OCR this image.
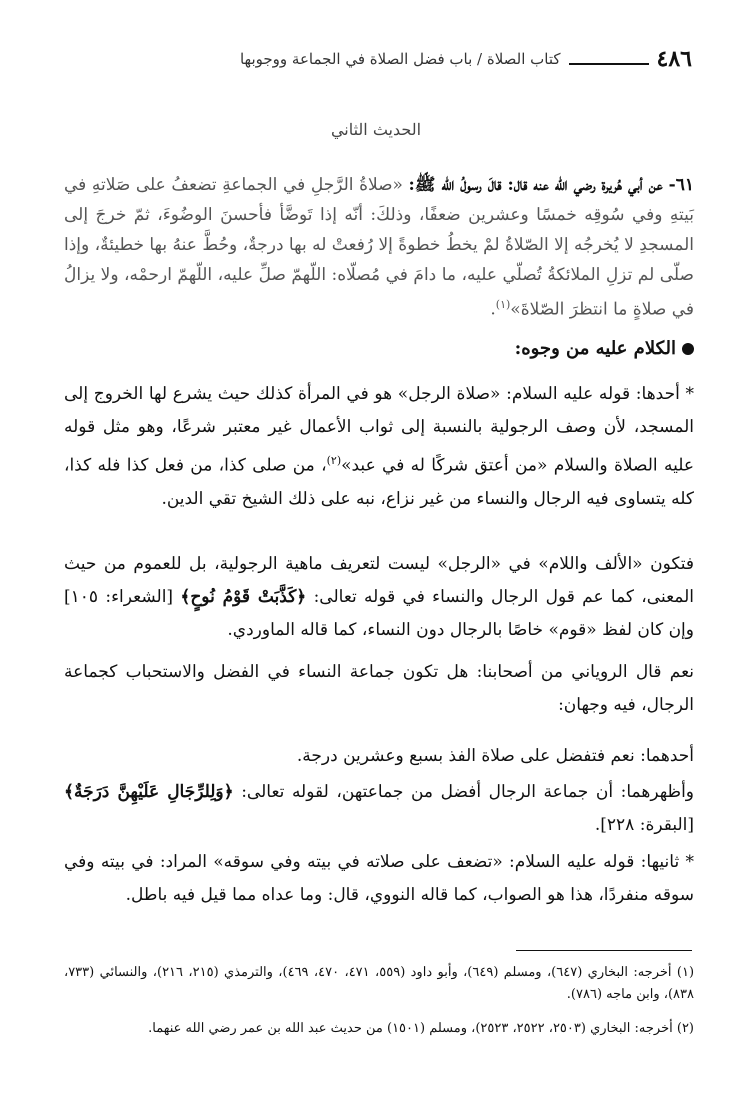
٤٨٦
كتاب الصلاة / باب فضل الصلاة في الجماعة ووجوبها
الحديث الثاني
٦١- عن أبي هُريرة رضي الله عنه قال: قالَ رسولُ الله ﷺ: «صلاةُ الرَّجلِ في الجماعةِ تضعفُ على صَلاتهِ في بَيتهِ وفي سُوقِه خمسًا وعشرين ضعفًا، وذلكَ: أنّه إذا تَوضَّأ فأحسنَ الوضُوءَ، ثمّ خرجَ إلى المسجدِ لا يُخرجُه إلا الصّلاةُ لمْ يخطُ خطوةً إلا رُفعتْ له بها درجةٌ، وحُطَّ عنهُ بها خطيئةٌ، وإذا صلّى لم تزلِ الملائكةُ تُصلّي عليه، ما دامَ في مُصلّاه: اللّهمّ صلِّ عليه، اللّهمّ ارحمْه، ولا يزالُ في صلاةٍ ما انتظرَ الصّلاةَ»$^{(١)}$.
الكلام عليه من وجوه:
* أحدها: قوله عليه السلام: «صلاة الرجل» هو في المرأة كذلك حيث يشرع لها الخروج إلى المسجد، لأن وصف الرجولية بالنسبة إلى ثواب الأعمال غير معتبر شرعًا، وهو مثل قوله عليه الصلاة والسلام «من أعتق شركًا له في عبد»$^{(٢)}$، من صلى كذا، من فعل كذا فله كذا، كله يتساوى فيه الرجال والنساء من غير نزاع، نبه على ذلك الشيخ تقي الدين.
فتكون «الألف واللام» في «الرجل» ليست لتعريف ماهية الرجولية، بل للعموم من حيث المعنى، كما عم قول الرجال والنساء في قوله تعالى: ﴿كَذَّبَتْ قَوْمُ نُوحٍ﴾ [الشعراء: ١٠٥] وإن كان لفظ «قوم» خاصًا بالرجال دون النساء، كما قاله الماوردي.
نعم قال الروياني من أصحابنا: هل تكون جماعة النساء في الفضل والاستحباب كجماعة الرجال، فيه وجهان:
أحدهما: نعم فتفضل على صلاة الفذ بسبع وعشرين درجة.
وأظهرهما: أن جماعة الرجال أفضل من جماعتهن، لقوله تعالى: ﴿وَلِلرِّجَالِ عَلَيْهِنَّ دَرَجَةٌ﴾ [البقرة: ٢٢٨].
* ثانيها: قوله عليه السلام: «تضعف على صلاته في بيته وفي سوقه» المراد: في بيته وفي سوقه منفردًا، هذا هو الصواب، كما قاله النووي، قال: وما عداه مما قيل فيه باطل.
(١) أخرجه: البخاري (٦٤٧)، ومسلم (٦٤٩)، وأبو داود (٥٥٩، ٤٧١، ٤٧٠، ٤٦٩)، والترمذي (٢١٥، ٢١٦)، والنسائي (٧٣٣، ٨٣٨)، وابن ماجه (٧٨٦).
(٢) أخرجه: البخاري (٢٥٠٣، ٢٥٢٢، ٢٥٢٣)، ومسلم (١٥٠١) من حديث عبد الله بن عمر رضي الله عنهما.
